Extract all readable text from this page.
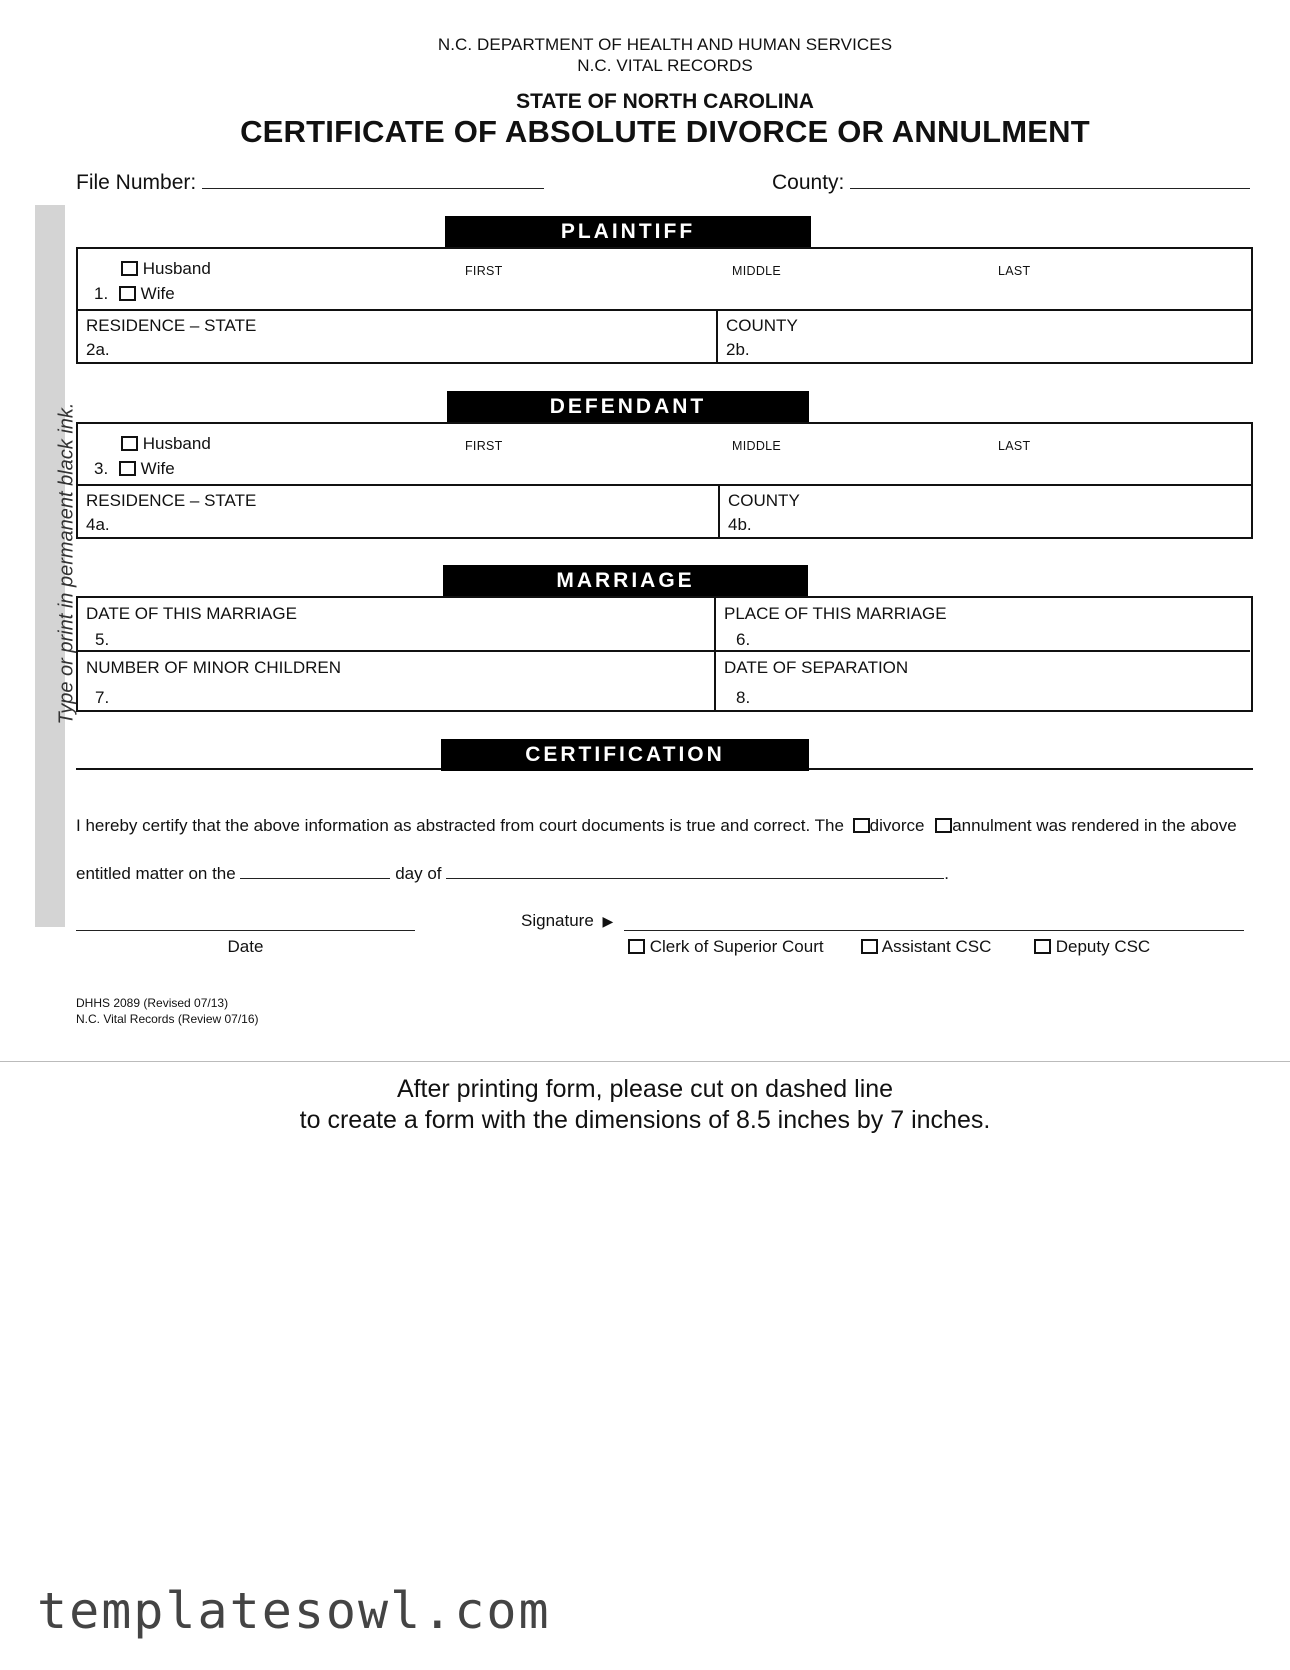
N.C. DEPARTMENT OF HEALTH AND HUMAN SERVICES
N.C. VITAL RECORDS
STATE OF NORTH CAROLINA
CERTIFICATE OF ABSOLUTE DIVORCE OR ANNULMENT
File Number:	County:
Type or print in permanent black ink.
PLAINTIFF
Husband
1. Wife
FIRST	MIDDLE	LAST
RESIDENCE – STATE
2a.
COUNTY
2b.
DEFENDANT
Husband
3. Wife
FIRST	MIDDLE	LAST
RESIDENCE – STATE
4a.
COUNTY
4b.
MARRIAGE
DATE OF THIS MARRIAGE
5.
PLACE OF THIS MARRIAGE
6.
NUMBER OF MINOR CHILDREN
7.
DATE OF SEPARATION
8.
CERTIFICATION
I hereby certify that the above information as abstracted from court documents is true and correct. The divorce annulment was rendered in the above
entitled matter on the	day of	.
Date
Signature ▶
Clerk of Superior Court	Assistant CSC	Deputy CSC
DHHS 2089 (Revised 07/13)
N.C. Vital Records (Review 07/16)
After printing form, please cut on dashed line
to create a form with the dimensions of 8.5 inches by 7 inches.
templatesowl.com
